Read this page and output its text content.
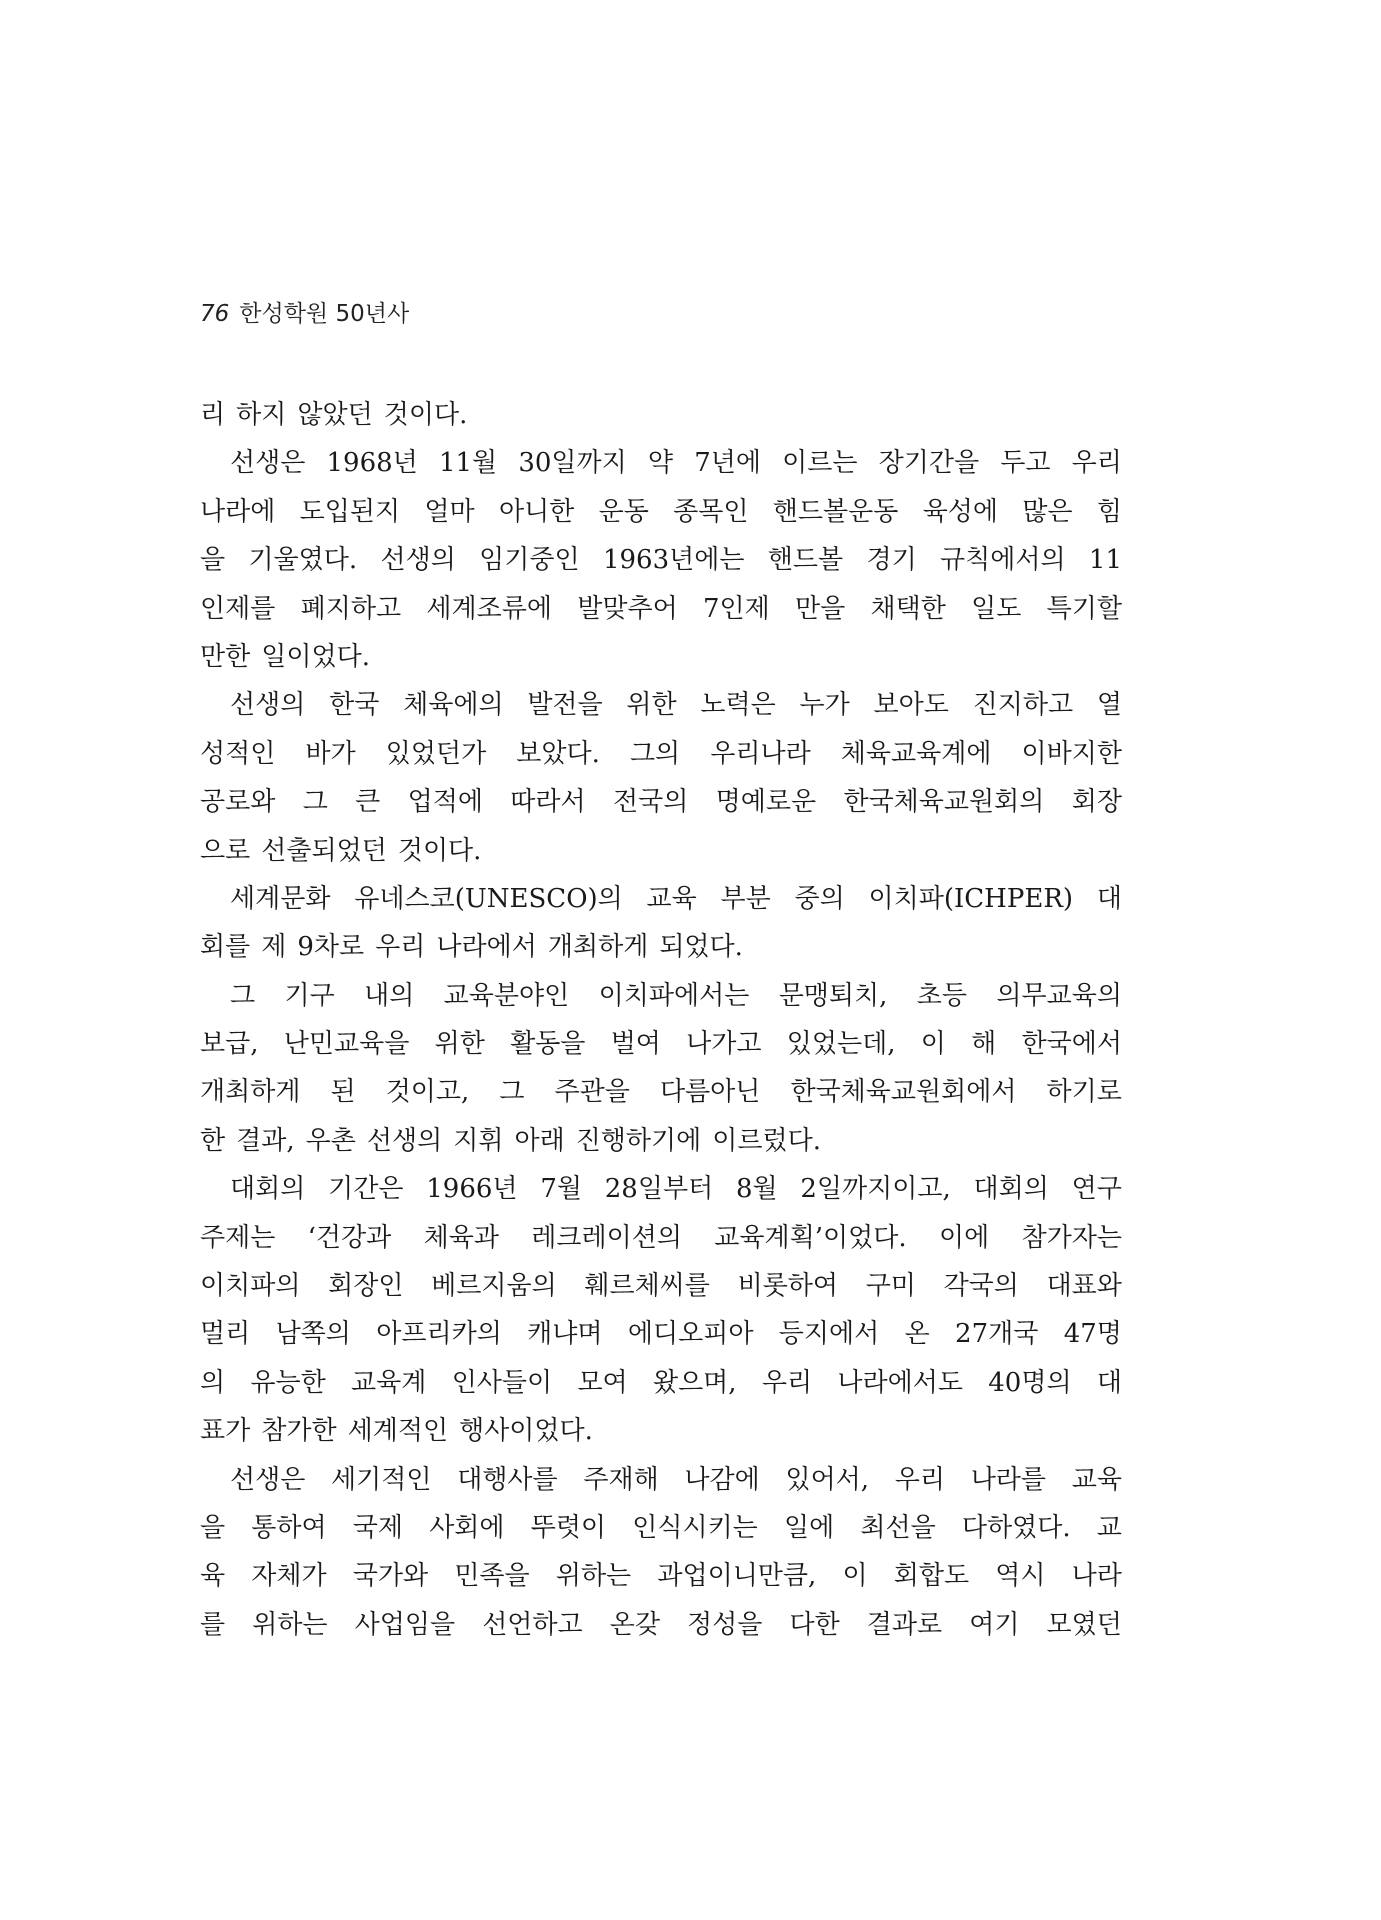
76 한성학원 50년사
리 하지 않았던 것이다.
선생은 1968년 11월 30일까지 약 7년에 이르는 장기간을 두고 우리
나라에 도입된지 얼마 아니한 운동 종목인 핸드볼운동 육성에 많은 힘
을 기울였다. 선생의 임기중인 1963년에는 핸드볼 경기 규칙에서의 11
인제를 폐지하고 세계조류에 발맞추어 7인제 만을 채택한 일도 특기할
만한 일이었다.
선생의 한국 체육에의 발전을 위한 노력은 누가 보아도 진지하고 열
성적인 바가 있었던가 보았다. 그의 우리나라 체육교육계에 이바지한
공로와 그 큰 업적에 따라서 전국의 명예로운 한국체육교원회의 회장
으로 선출되었던 것이다.
세계문화 유네스코(UNESCO)의 교육 부분 중의 이치파(ICHPER) 대
회를 제 9차로 우리 나라에서 개최하게 되었다.
그 기구 내의 교육분야인 이치파에서는 문맹퇴치, 초등 의무교육의
보급, 난민교육을 위한 활동을 벌여 나가고 있었는데, 이 해 한국에서
개최하게 된 것이고, 그 주관을 다름아닌 한국체육교원회에서 하기로
한 결과, 우촌 선생의 지휘 아래 진행하기에 이르렀다.
대회의 기간은 1966년 7월 28일부터 8월 2일까지이고, 대회의 연구
주제는 ‘건강과 체육과 레크레이션의 교육계획’이었다. 이에 참가자는
이치파의 회장인 베르지움의 훼르체씨를 비롯하여 구미 각국의 대표와
멀리 남쪽의 아프리카의 캐냐며 에디오피아 등지에서 온 27개국 47명
의 유능한 교육계 인사들이 모여 왔으며, 우리 나라에서도 40명의 대
표가 참가한 세계적인 행사이었다.
선생은 세기적인 대행사를 주재해 나감에 있어서, 우리 나라를 교육
을 통하여 국제 사회에 뚜렷이 인식시키는 일에 최선을 다하였다. 교
육 자체가 국가와 민족을 위하는 과업이니만큼, 이 회합도 역시 나라
를 위하는 사업임을 선언하고 온갖 정성을 다한 결과로 여기 모였던
